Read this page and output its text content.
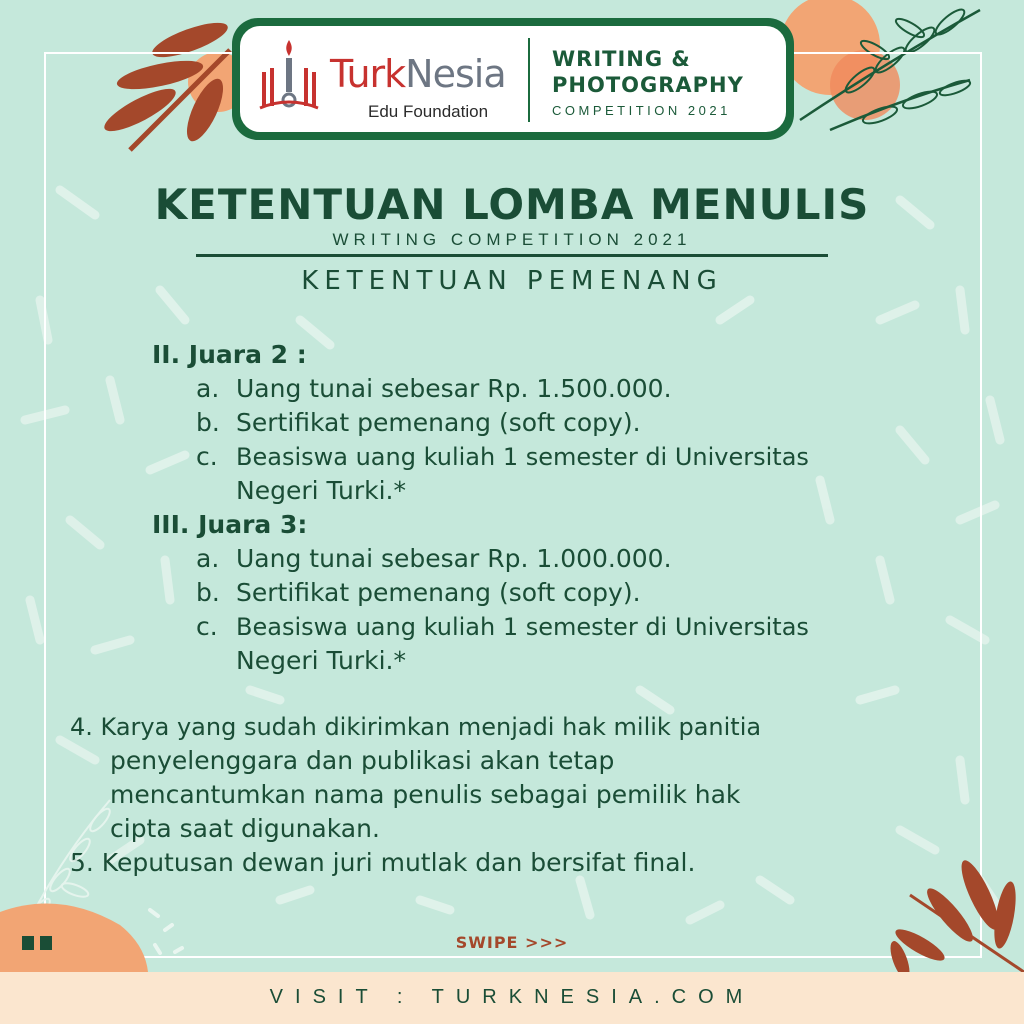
TurkNesia
Edu Foundation
WRITING &
PHOTOGRAPHY
COMPETITION 2021
KETENTUAN LOMBA MENULIS
WRITING COMPETITION 2021
KETENTUAN PEMENANG
II. Juara 2 :
a. Uang tunai sebesar Rp. 1.500.000.
b. Sertifikat pemenang (soft copy).
c. Beasiswa uang kuliah 1 semester di Universitas
Negeri Turki.*
III. Juara 3:
a. Uang tunai sebesar Rp. 1.000.000.
b. Sertifikat pemenang (soft copy).
c. Beasiswa uang kuliah 1 semester di Universitas
Negeri Turki.*
4. Karya yang sudah dikirimkan menjadi hak milik panitia
penyelenggara dan publikasi akan tetap
mencantumkan nama penulis sebagai pemilik hak
cipta saat digunakan.
5. Keputusan dewan juri mutlak dan bersifat final.
SWIPE >>>
VISIT : TURKNESIA.COM
